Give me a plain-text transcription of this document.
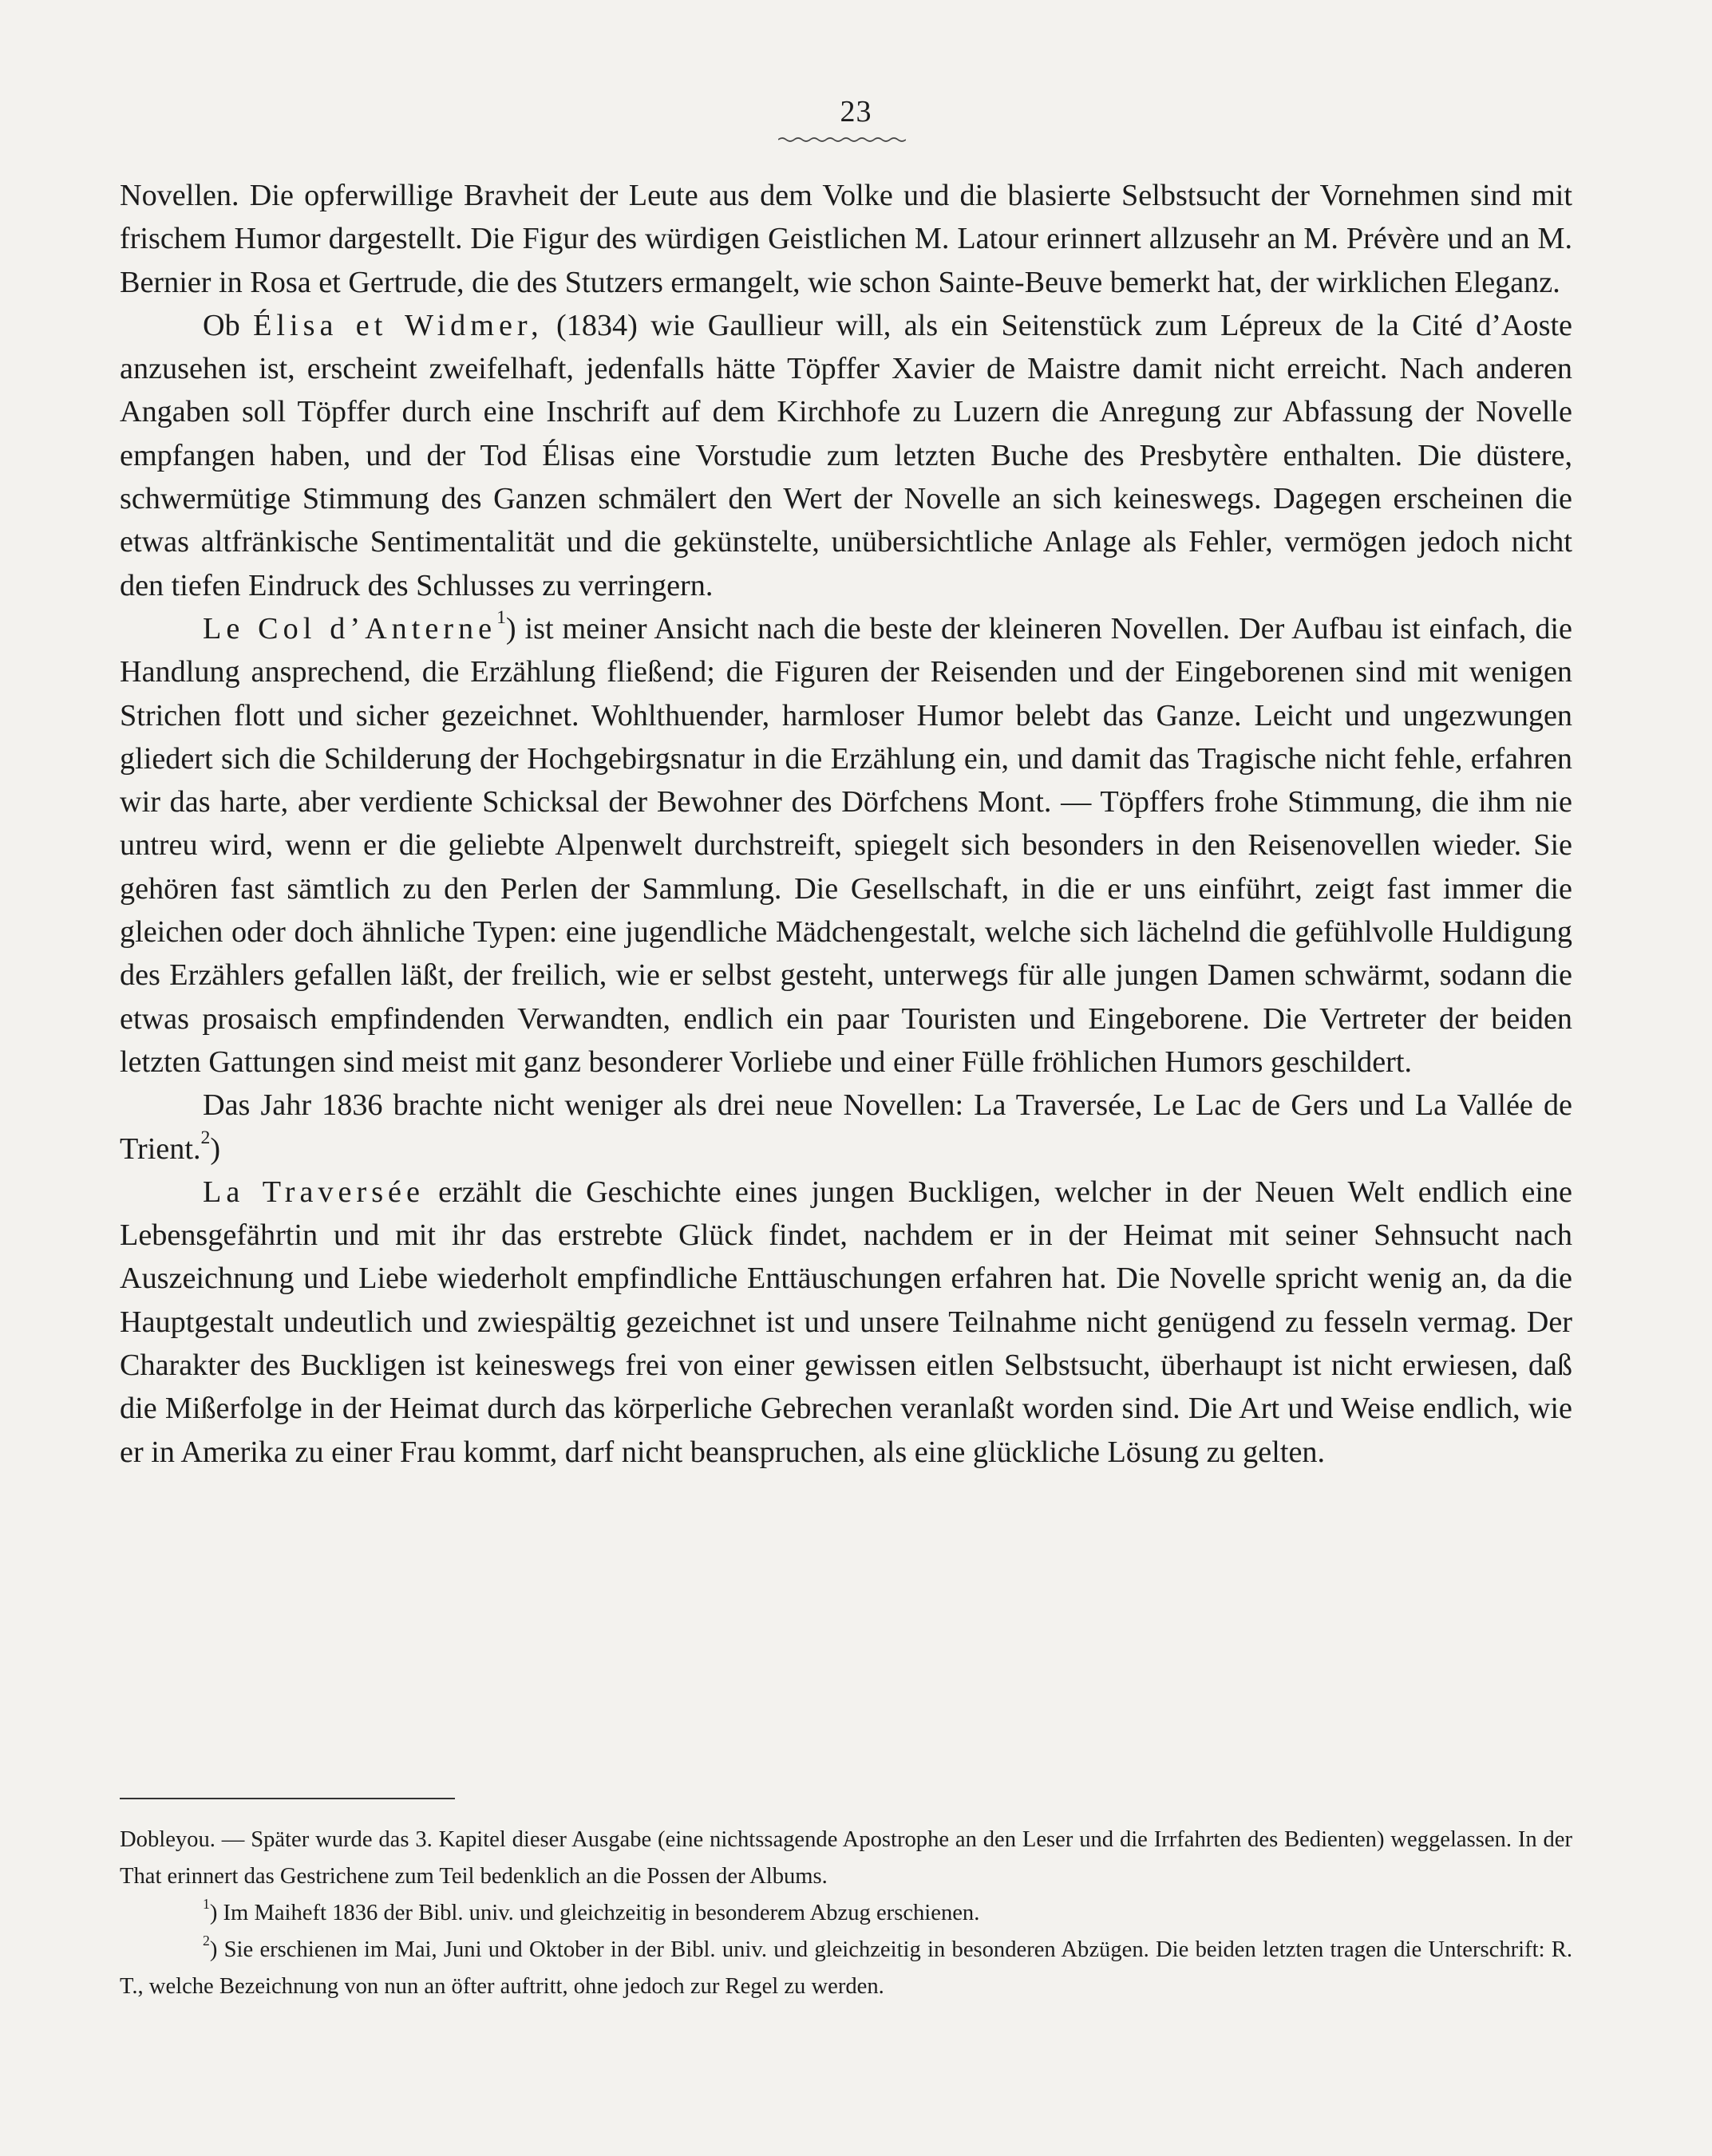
23

Novellen. Die opferwillige Bravheit der Leute aus dem Volke und die blasierte Selbstsucht der Vornehmen sind mit frischem Humor dargestellt. Die Figur des würdigen Geistlichen M. Latour erinnert allzusehr an M. Prévère und an M. Bernier in Rosa et Gertrude, die des Stutzers ermangelt, wie schon Sainte-Beuve bemerkt hat, der wirklichen Eleganz.

Ob Élisa et Widmer, (1834) wie Gaullieur will, als ein Seitenstück zum Lépreux de la Cité d’Aoste anzusehen ist, erscheint zweifelhaft, jedenfalls hätte Töpffer Xavier de Maistre damit nicht erreicht. Nach anderen Angaben soll Töpffer durch eine Inschrift auf dem Kirchhofe zu Luzern die Anregung zur Abfassung der Novelle empfangen haben, und der Tod Élisas eine Vorstudie zum letzten Buche des Presbytère enthalten. Die düstere, schwermütige Stimmung des Ganzen schmälert den Wert der Novelle an sich keineswegs. Dagegen erscheinen die etwas altfränkische Sentimentalität und die gekünstelte, unübersichtliche Anlage als Fehler, vermögen jedoch nicht den tiefen Eindruck des Schlusses zu verringern.

Le Col d’Anterne$^1$) ist meiner Ansicht nach die beste der kleineren Novellen. Der Aufbau ist einfach, die Handlung ansprechend, die Erzählung fließend; die Figuren der Reisenden und der Eingeborenen sind mit wenigen Strichen flott und sicher gezeichnet. Wohlthuender, harmloser Humor belebt das Ganze. Leicht und ungezwungen gliedert sich die Schilderung der Hochgebirgsnatur in die Erzählung ein, und damit das Tragische nicht fehle, erfahren wir das harte, aber verdiente Schicksal der Bewohner des Dörfchens Mont. — Töpffers frohe Stimmung, die ihm nie untreu wird, wenn er die geliebte Alpenwelt durchstreift, spiegelt sich besonders in den Reisenovellen wieder. Sie gehören fast sämtlich zu den Perlen der Sammlung. Die Gesellschaft, in die er uns einführt, zeigt fast immer die gleichen oder doch ähnliche Typen: eine jugendliche Mädchengestalt, welche sich lächelnd die gefühlvolle Huldigung des Erzählers gefallen läßt, der freilich, wie er selbst gesteht, unterwegs für alle jungen Damen schwärmt, sodann die etwas prosaisch empfindenden Verwandten, endlich ein paar Touristen und Eingeborene. Die Vertreter der beiden letzten Gattungen sind meist mit ganz besonderer Vorliebe und einer Fülle fröhlichen Humors geschildert.

Das Jahr 1836 brachte nicht weniger als drei neue Novellen: La Traversée, Le Lac de Gers und La Vallée de Trient.$^2$)

La Traversée erzählt die Geschichte eines jungen Buckligen, welcher in der Neuen Welt endlich eine Lebensgefährtin und mit ihr das erstrebte Glück findet, nachdem er in der Heimat mit seiner Sehnsucht nach Auszeichnung und Liebe wiederholt empfindliche Enttäuschungen erfahren hat. Die Novelle spricht wenig an, da die Hauptgestalt undeutlich und zwiespältig gezeichnet ist und unsere Teilnahme nicht genügend zu fesseln vermag. Der Charakter des Buckligen ist keineswegs frei von einer gewissen eitlen Selbstsucht, überhaupt ist nicht erwiesen, daß die Mißerfolge in der Heimat durch das körperliche Gebrechen veranlaßt worden sind. Die Art und Weise endlich, wie er in Amerika zu einer Frau kommt, darf nicht beanspruchen, als eine glückliche Lösung zu gelten.

Dobleyou. — Später wurde das 3. Kapitel dieser Ausgabe (eine nichtssagende Apostrophe an den Leser und die Irrfahrten des Bedienten) weggelassen. In der That erinnert das Gestrichene zum Teil bedenklich an die Possen der Albums.

$^1$) Im Maiheft 1836 der Bibl. univ. und gleichzeitig in besonderem Abzug erschienen.

$^2$) Sie erschienen im Mai, Juni und Oktober in der Bibl. univ. und gleichzeitig in besonderen Abzügen. Die beiden letzten tragen die Unterschrift: R. T., welche Bezeichnung von nun an öfter auftritt, ohne jedoch zur Regel zu werden.
